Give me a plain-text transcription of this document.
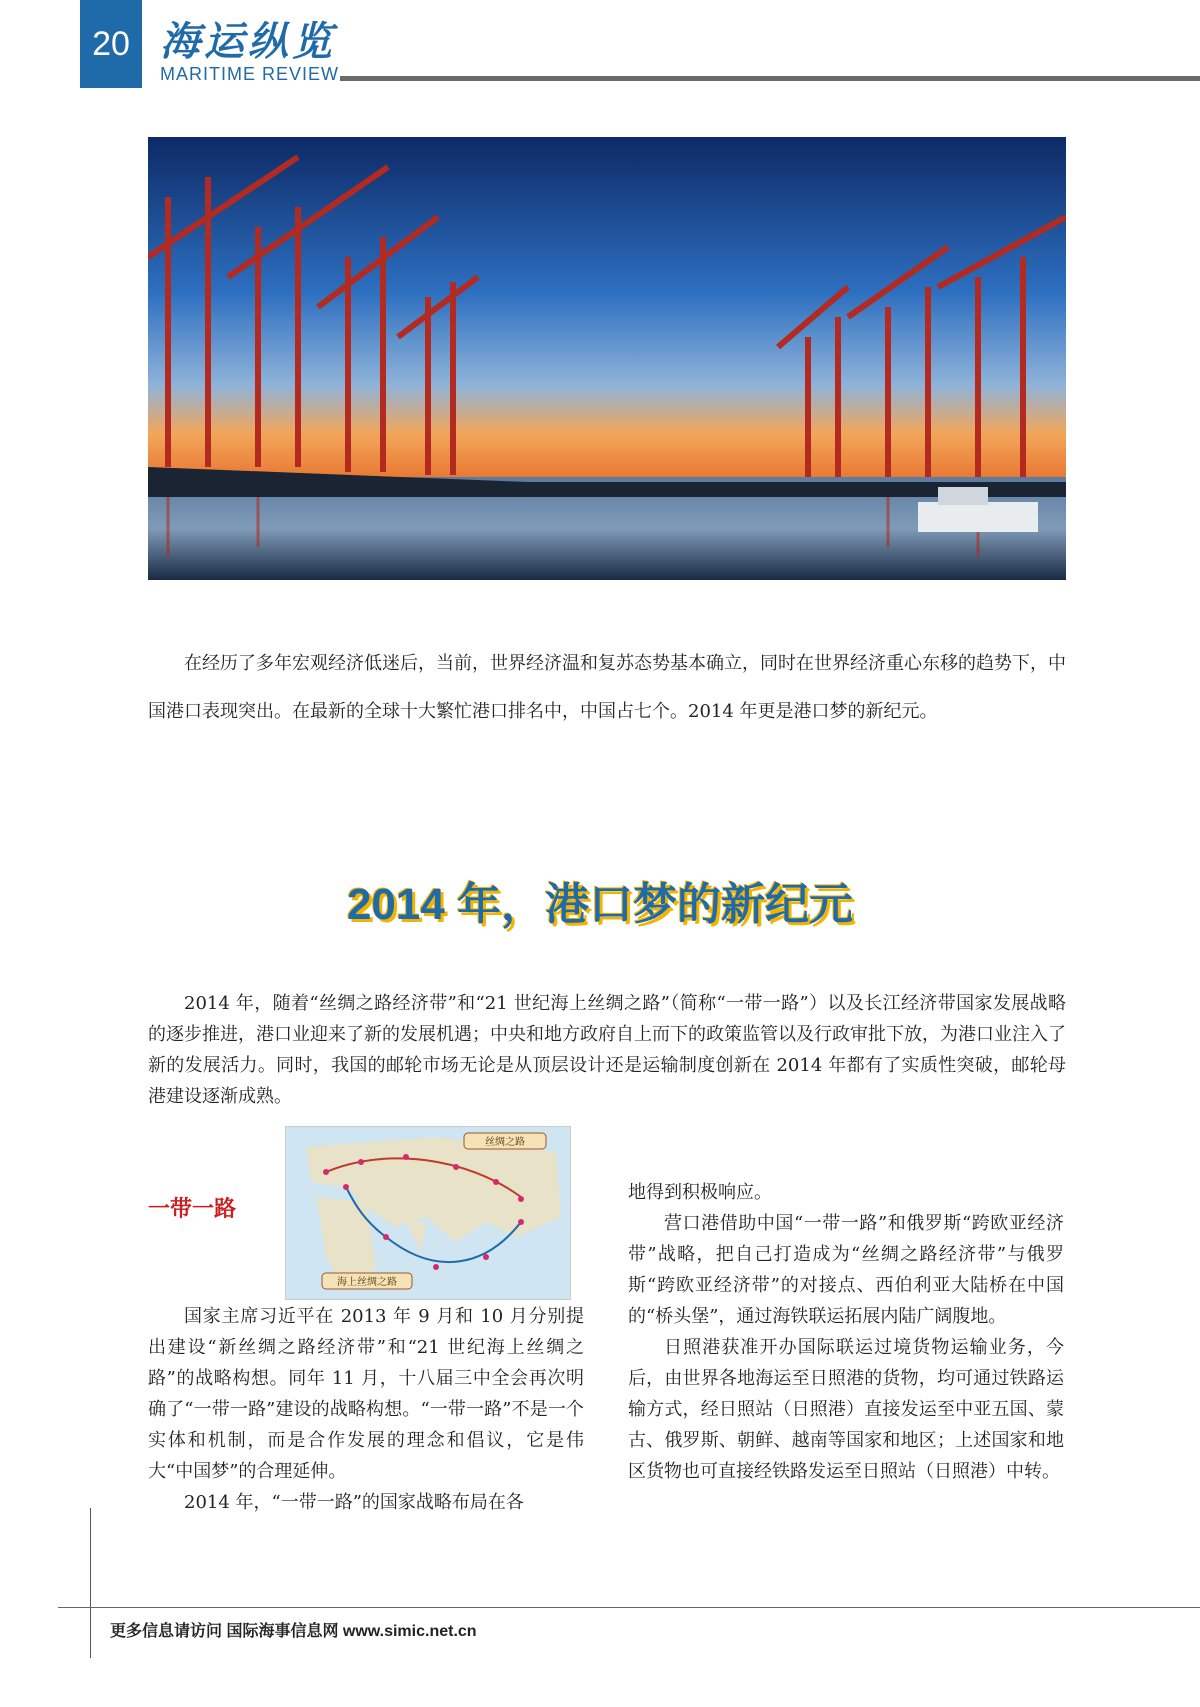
20 海运纵览
MARITIME REVIEW

在经历了多年宏观经济低迷后，当前，世界经济温和复苏态势基本确立，同时在世界经济重心东移的趋势下，中国港口表现突出。在最新的全球十大繁忙港口排名中，中国占七个。2014 年更是港口梦的新纪元。

2014 年，港口梦的新纪元

2014 年，随着“丝绸之路经济带”和“21 世纪海上丝绸之路”（简称“一带一路”）以及长江经济带国家发展战略的逐步推进，港口业迎来了新的发展机遇；中央和地方政府自上而下的政策监管以及行政审批下放，为港口业注入了新的发展活力。同时，我国的邮轮市场无论是从顶层设计还是运输制度创新在 2014 年都有了实质性突破，邮轮母港建设逐渐成熟。

丝绸之路
海上丝绸之路
一带一路

国家主席习近平在 2013 年 9 月和 10 月分别提出建设“新丝绸之路经济带”和“21 世纪海上丝绸之路”的战略构想。同年 11 月，十八届三中全会再次明确了“一带一路”建设的战略构想。“一带一路”不是一个实体和机制，而是合作发展的理念和倡议，它是伟大“中国梦”的合理延伸。

2014 年，“一带一路”的国家战略布局在各

地得到积极响应。

营口港借助中国“一带一路”和俄罗斯“跨欧亚经济带”战略，把自己打造成为“丝绸之路经济带”与俄罗斯“跨欧亚经济带”的对接点、西伯利亚大陆桥在中国的“桥头堡”，通过海铁联运拓展内陆广阔腹地。

日照港获准开办国际联运过境货物运输业务，今后，由世界各地海运至日照港的货物，均可通过铁路运输方式，经日照站（日照港）直接发运至中亚五国、蒙古、俄罗斯、朝鲜、越南等国家和地区；上述国家和地区货物也可直接经铁路发运至日照站（日照港）中转。

更多信息请访问 国际海事信息网 www.simic.net.cn
